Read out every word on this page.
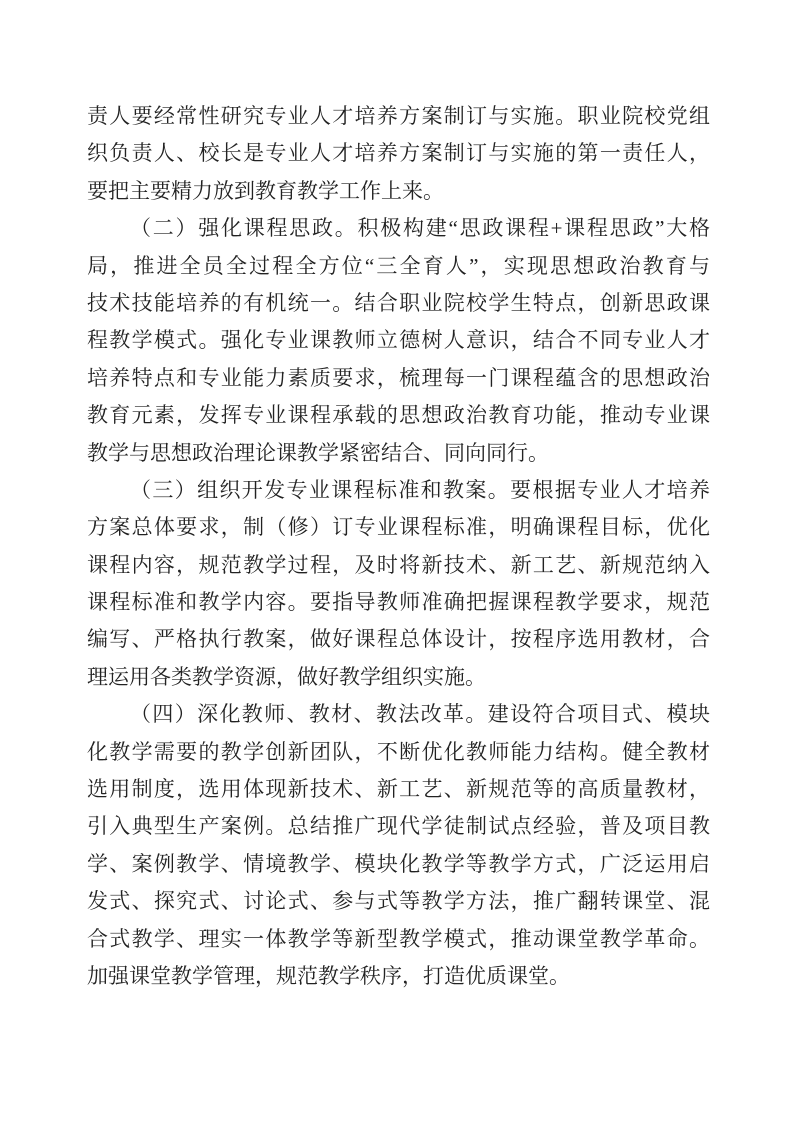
责人要经常性研究专业人才培养方案制订与实施。职业院校党组
织负责人、校长是专业人才培养方案制订与实施的第一责任人，
要把主要精力放到教育教学工作上来。
（二）强化课程思政。积极构建“思政课程+课程思政”大格
局，推进全员全过程全方位“三全育人”，实现思想政治教育与
技术技能培养的有机统一。结合职业院校学生特点，创新思政课
程教学模式。强化专业课教师立德树人意识，结合不同专业人才
培养特点和专业能力素质要求，梳理每一门课程蕴含的思想政治
教育元素，发挥专业课程承载的思想政治教育功能，推动专业课
教学与思想政治理论课教学紧密结合、同向同行。
（三）组织开发专业课程标准和教案。要根据专业人才培养
方案总体要求，制（修）订专业课程标准，明确课程目标，优化
课程内容，规范教学过程，及时将新技术、新工艺、新规范纳入
课程标准和教学内容。要指导教师准确把握课程教学要求，规范
编写、严格执行教案，做好课程总体设计，按程序选用教材，合
理运用各类教学资源，做好教学组织实施。
（四）深化教师、教材、教法改革。建设符合项目式、模块
化教学需要的教学创新团队，不断优化教师能力结构。健全教材
选用制度，选用体现新技术、新工艺、新规范等的高质量教材，
引入典型生产案例。总结推广现代学徒制试点经验，普及项目教
学、案例教学、情境教学、模块化教学等教学方式，广泛运用启
发式、探究式、讨论式、参与式等教学方法，推广翻转课堂、混
合式教学、理实一体教学等新型教学模式，推动课堂教学革命。
加强课堂教学管理，规范教学秩序，打造优质课堂。
